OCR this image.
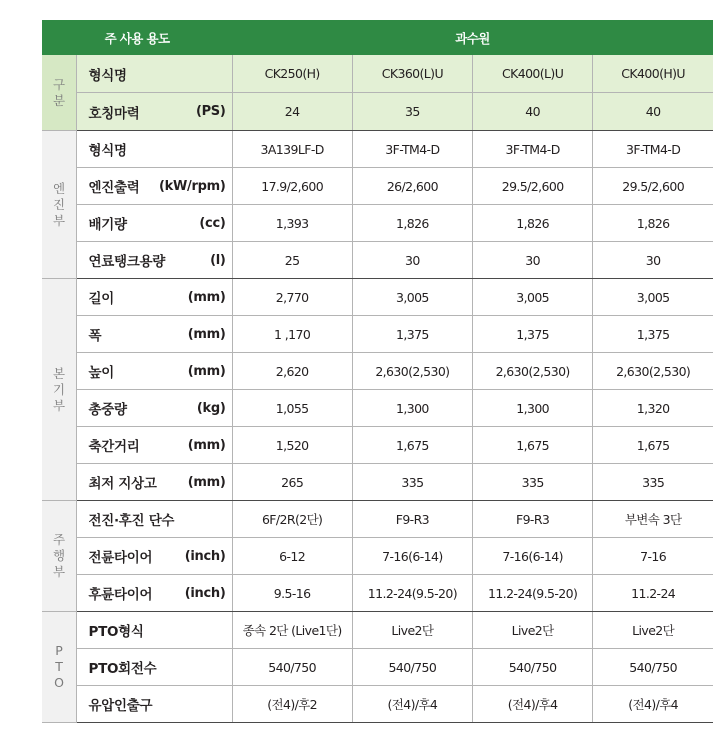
주 사용 용도		과수원			

구
분	형식명	CK250(H)	CK360(L)U	CK400(L)U	CK400(H)U

	호칭마력 (PS)	24	35	40	40

엔
진
부	형식명	3A139LF-D	3F-TM4-D	3F-TM4-D	3F-TM4-D

	엔진출력 (kW/rpm)	17.9/2,600	26/2,600	29.5/2,600	29.5/2,600

	배기량 (cc)	1,393	1,826	1,826	1,826

	연료탱크용량 (l)	25	30	30	30

본
기
부	길이 (mm)	2,770	3,005	3,005	3,005

	폭 (mm)	1 ,170	1,375	1,375	1,375

	높이 (mm)	2,620	2,630(2,530)	2,630(2,530)	2,630(2,530)

	총중량 (kg)	1,055	1,300	1,300	1,320

	축간거리 (mm)	1,520	1,675	1,675	1,675

	최저 지상고 (mm)	265	335	335	335

주
행
부	전진·후진 단수	6F/2R(2단)	F9-R3	F9-R3	부변속 3단

	전륜타이어 (inch)	6-12	7-16(6-14)	7-16(6-14)	7-16

	후륜타이어 (inch)	9.5-16	11.2-24(9.5-20)	11.2-24(9.5-20)	11.2-24

P
T
O	PTO형식	종속 2단 (Live1단)	Live2단	Live2단	Live2단

	PTO회전수	540/750	540/750	540/750	540/750

	유압인출구	(전4)/후2	(전4)/후4	(전4)/후4	(전4)/후4
